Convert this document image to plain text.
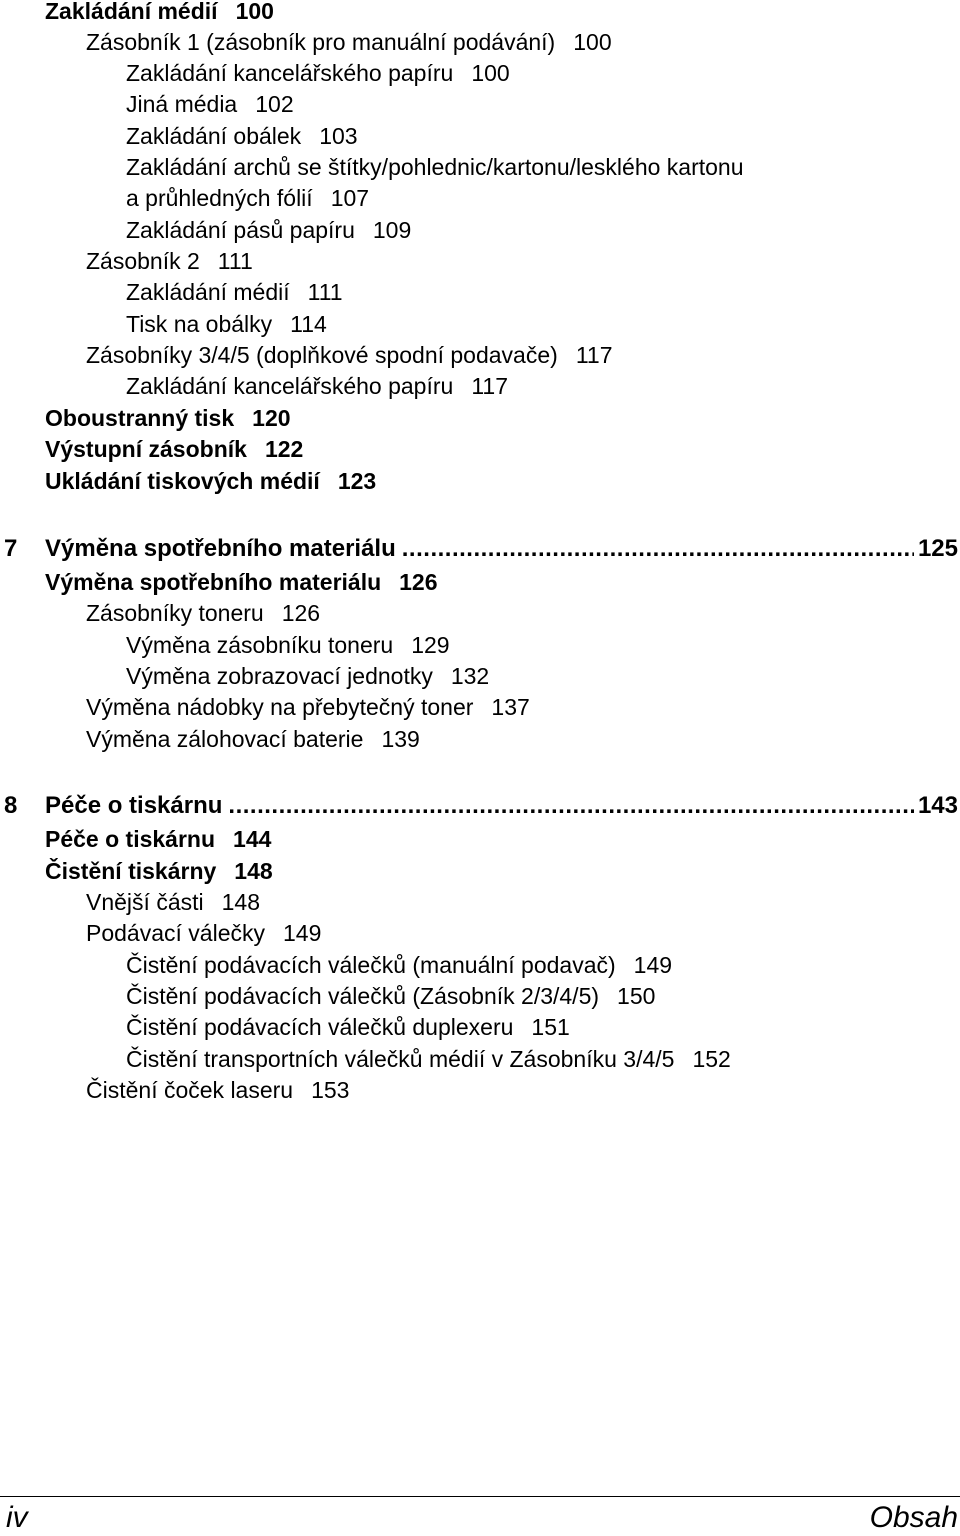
Zakládání médií 100
Zásobník 1 (zásobník pro manuální podávání) 100
Zakládání kancelářského papíru 100
Jiná média 102
Zakládání obálek 103
Zakládání archů se štítky/pohlednic/kartonu/lesklého kartonu
a průhledných fólií 107
Zakládání pásů papíru 109
Zásobník 2 111
Zakládání médií 111
Tisk na obálky 114
Zásobníky 3/4/5 (doplňkové spodní podavače) 117
Zakládání kancelářského papíru 117
Oboustranný tisk 120
Výstupní zásobník 122
Ukládání tiskových médií 123
7	Výměna spotřebního materiálu .....	125
Výměna spotřebního materiálu 126
Zásobníky toneru 126
Výměna zásobníku toneru 129
Výměna zobrazovací jednotky 132
Výměna nádobky na přebytečný toner 137
Výměna zálohovací baterie 139
8	Péče o tiskárnu .....	143
Péče o tiskárnu 144
Čistění tiskárny 148
Vnější části 148
Podávací válečky 149
Čistění podávacích válečků (manuální podavač) 149
Čistění podávacích válečků (Zásobník 2/3/4/5) 150
Čistění podávacích válečků duplexeru 151
Čistění transportních válečků médií v Zásobníku 3/4/5 152
Čistění čoček laseru 153
iv	Obsah
